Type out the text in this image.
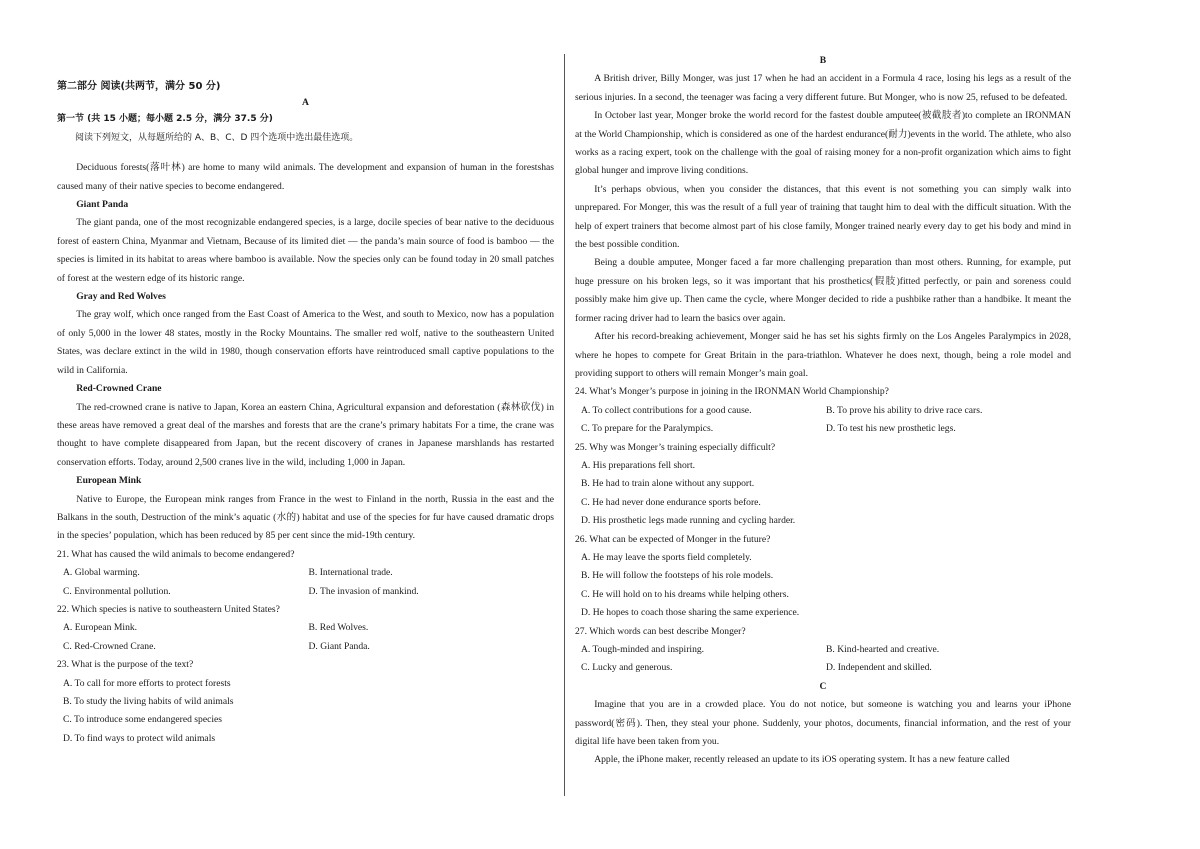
第二部分 阅读(共两节，满分 50 分)

A

第一节 (共 15 小题；每小题 2.5 分，满分 37.5 分)

阅读下列短文，从每题所给的 A、B、C、D 四个选项中选出最佳选项。

Deciduous forests(落叶林) are home to many wild animals. The development and expansion of human in the forestshas caused many of their native species to become endangered.

Giant Panda

The giant panda, one of the most recognizable endangered species, is a large, docile species of bear native to the deciduous forest of eastern China, Myanmar and Vietnam, Because of its limited diet — the panda’s main source of food is bamboo — the species is limited in its habitat to areas where bamboo is available. Now the species only can be found today in 20 small patches of forest at the western edge of its historic range.

Gray and Red Wolves

The gray wolf, which once ranged from the East Coast of America to the West, and south to Mexico, now has a population of only 5,000 in the lower 48 states, mostly in the Rocky Mountains. The smaller red wolf, native to the southeastern United States, was declare extinct in the wild in 1980, though conservation efforts have reintroduced small captive populations to the wild in California.

Red-Crowned Crane

The red-crowned crane is native to Japan, Korea an eastern China, Agricultural expansion and deforestation (森林砍伐) in these areas have removed a great deal of the marshes and forests that are the crane’s primary habitats For a time, the crane was thought to have complete disappeared from Japan, but the recent discovery of cranes in Japanese marshlands has restarted conservation efforts. Today, around 2,500 cranes live in the wild, including 1,000 in Japan.

European Mink

Native to Europe, the European mink ranges from France in the west to Finland in the north, Russia in the east and the Balkans in the south, Destruction of the mink’s aquatic (水的) habitat and use of the species for fur have caused dramatic drops in the species’ population, which has been reduced by 85 per cent since the mid-19th century.

21. What has caused the wild animals to become endangered?

A. Global warming.	B. International trade.
C. Environmental pollution.	D. The invasion of mankind.

22. Which species is native to southeastern United States?

A. European Mink.	B. Red Wolves.
C. Red-Crowned Crane.	D. Giant Panda.

23. What is the purpose of the text?

A. To call for more efforts to protect forests

B. To study the living habits of wild animals

C. To introduce some endangered species

D. To find ways to protect wild animals

B

A British driver, Billy Monger, was just 17 when he had an accident in a Formula 4 race, losing his legs as a result of the serious injuries. In a second, the teenager was facing a very different future. But Monger, who is now 25, refused to be defeated.

In October last year, Monger broke the world record for the fastest double amputee(被截肢者)to complete an IRONMAN at the World Championship, which is considered as one of the hardest endurance(耐力)events in the world. The athlete, who also works as a racing expert, took on the challenge with the goal of raising money for a non-profit organization which aims to fight global hunger and improve living conditions.

It’s perhaps obvious, when you consider the distances, that this event is not something you can simply walk into unprepared. For Monger, this was the result of a full year of training that taught him to deal with the difficult situation. With the help of expert trainers that become almost part of his close family, Monger trained nearly every day to get his body and mind in the best possible condition.

Being a double amputee, Monger faced a far more challenging preparation than most others. Running, for example, put huge pressure on his broken legs, so it was important that his prosthetics(假肢)fitted perfectly, or pain and soreness could possibly make him give up. Then came the cycle, where Monger decided to ride a pushbike rather than a handbike. It meant the former racing driver had to learn the basics over again.

After his record-breaking achievement, Monger said he has set his sights firmly on the Los Angeles Paralympics in 2028, where he hopes to compete for Great Britain in the para-triathlon. Whatever he does next, though, being a role model and providing support to others will remain Monger’s main goal.

24. What’s Monger’s purpose in joining in the IRONMAN World Championship?

A. To collect contributions for a good cause.	B. To prove his ability to drive race cars.
C. To prepare for the Paralympics.	D. To test his new prosthetic legs.

25. Why was Monger’s training especially difficult?

A. His preparations fell short.

B. He had to train alone without any support.

C. He had never done endurance sports before.

D. His prosthetic legs made running and cycling harder.

26. What can be expected of Monger in the future?

A. He may leave the sports field completely.

B. He will follow the footsteps of his role models.

C. He will hold on to his dreams while helping others.

D. He hopes to coach those sharing the same experience.

27. Which words can best describe Monger?

A. Tough-minded and inspiring.	B. Kind-hearted and creative.
C. Lucky and generous.	D. Independent and skilled.

C

Imagine that you are in a crowded place. You do not notice, but someone is watching you and learns your iPhone password(密码). Then, they steal your phone. Suddenly, your photos, documents, financial information, and the rest of your digital life have been taken from you.

Apple, the iPhone maker, recently released an update to its iOS operating system. It has a new feature called
